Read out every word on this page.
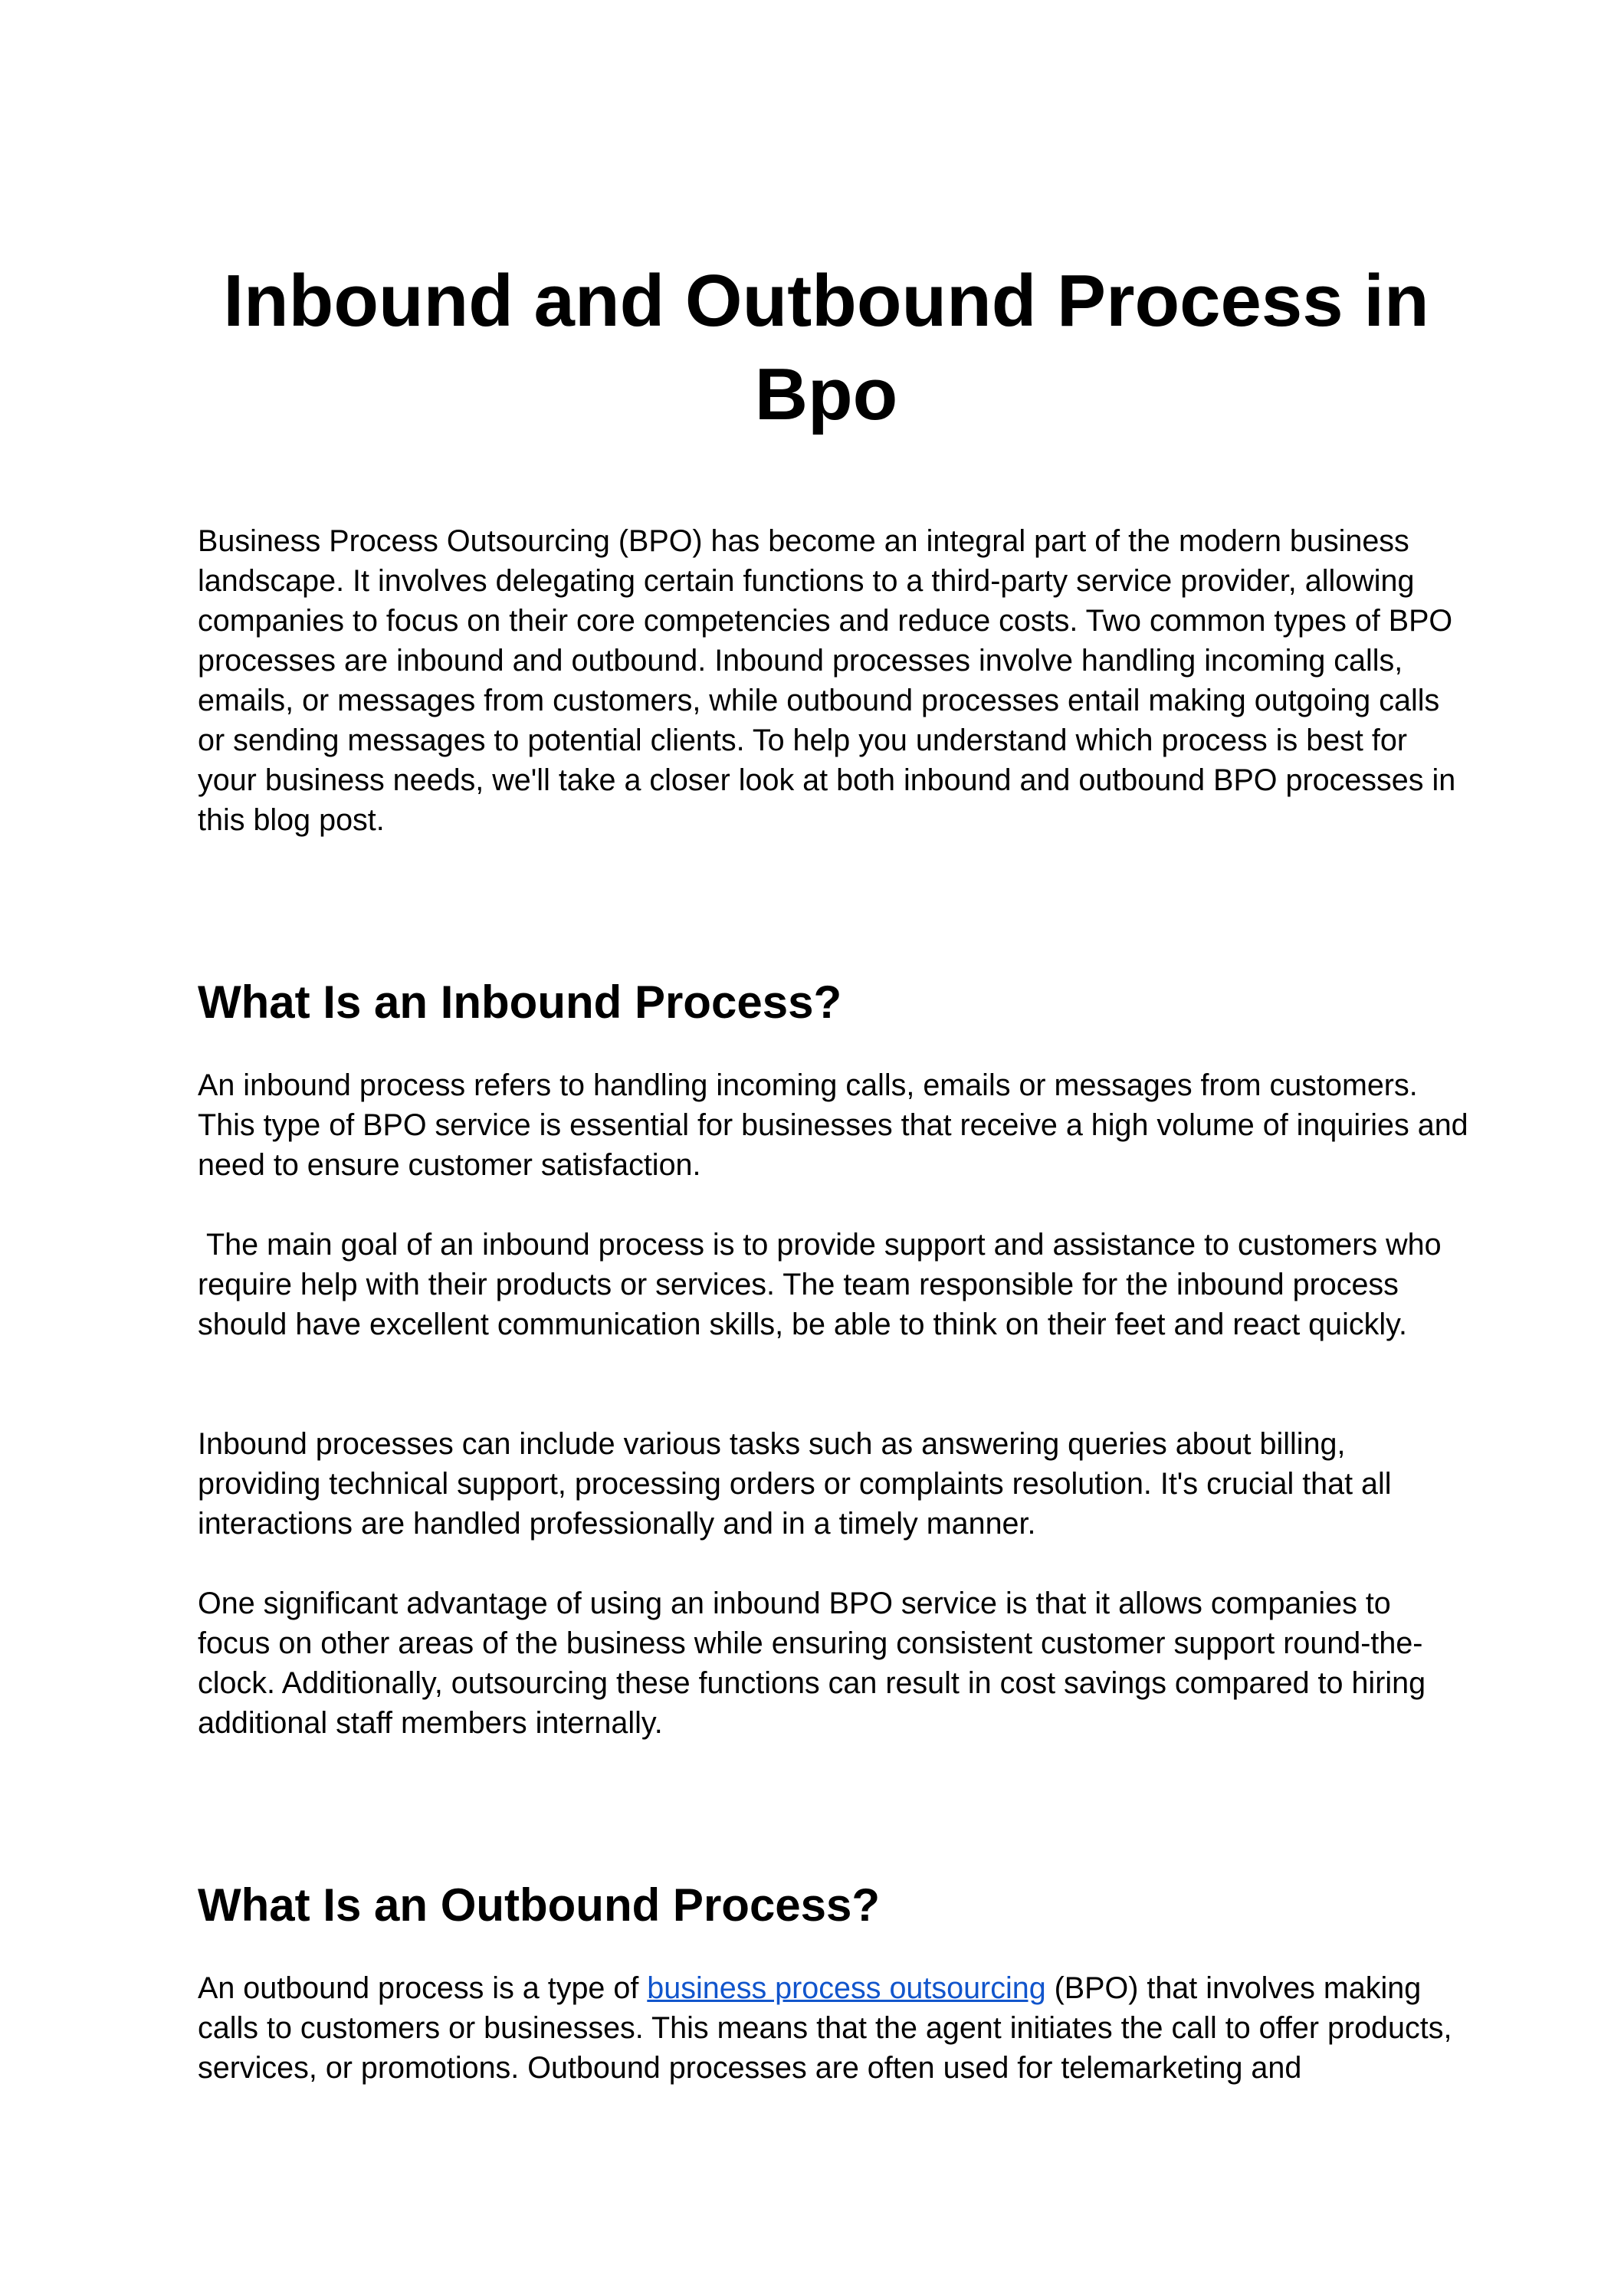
Inbound and Outbound Process in Bpo

Business Process Outsourcing (BPO) has become an integral part of the modern business landscape. It involves delegating certain functions to a third-party service provider, allowing companies to focus on their core competencies and reduce costs. Two common types of BPO processes are inbound and outbound. Inbound processes involve handling incoming calls, emails, or messages from customers, while outbound processes entail making outgoing calls or sending messages to potential clients. To help you understand which process is best for your business needs, we'll take a closer look at both inbound and outbound BPO processes in this blog post.

What Is an Inbound Process?

An inbound process refers to handling incoming calls, emails or messages from customers. This type of BPO service is essential for businesses that receive a high volume of inquiries and need to ensure customer satisfaction.

The main goal of an inbound process is to provide support and assistance to customers who require help with their products or services. The team responsible for the inbound process should have excellent communication skills, be able to think on their feet and react quickly.

Inbound processes can include various tasks such as answering queries about billing, providing technical support, processing orders or complaints resolution. It's crucial that all interactions are handled professionally and in a timely manner.

One significant advantage of using an inbound BPO service is that it allows companies to focus on other areas of the business while ensuring consistent customer support round-the-clock. Additionally, outsourcing these functions can result in cost savings compared to hiring additional staff members internally.

What Is an Outbound Process?

An outbound process is a type of business process outsourcing (BPO) that involves making calls to customers or businesses. This means that the agent initiates the call to offer products, services, or promotions. Outbound processes are often used for telemarketing and
